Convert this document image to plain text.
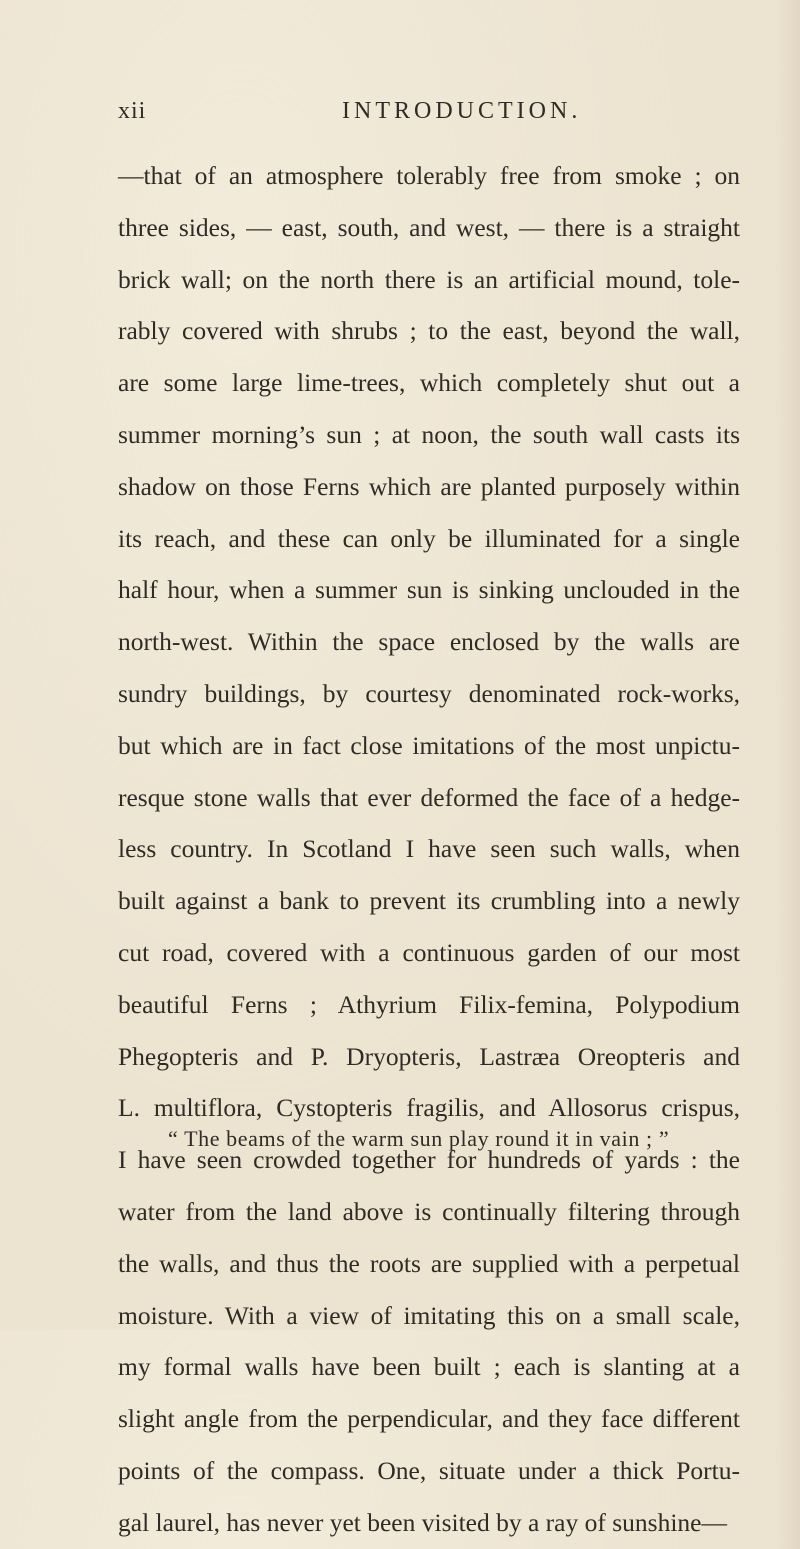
xii	INTRODUCTION.
—that of an atmosphere tolerably free from smoke ; on
three sides, — east, south, and west, — there is a straight
brick wall; on the north there is an artificial mound, tole-
rably covered with shrubs ; to the east, beyond the wall,
are some large lime-trees, which completely shut out a
summer morning’s sun ; at noon, the south wall casts its
shadow on those Ferns which are planted purposely within
its reach, and these can only be illuminated for a single
half hour, when a summer sun is sinking unclouded in the
north-west. Within the space enclosed by the walls are
sundry buildings, by courtesy denominated rock-works,
but which are in fact close imitations of the most unpictu-
resque stone walls that ever deformed the face of a hedge-
less country. In Scotland I have seen such walls, when
built against a bank to prevent its crumbling into a newly
cut road, covered with a continuous garden of our most
beautiful Ferns ; Athyrium Filix-femina, Polypodium
Phegopteris and P. Dryopteris, Lastræa Oreopteris and
L. multiflora, Cystopteris fragilis, and Allosorus crispus,
I have seen crowded together for hundreds of yards : the
water from the land above is continually filtering through
the walls, and thus the roots are supplied with a perpetual
moisture. With a view of imitating this on a small scale,
my formal walls have been built ; each is slanting at a
slight angle from the perpendicular, and they face different
points of the compass. One, situate under a thick Portu-
gal laurel, has never yet been visited by a ray of sunshine—
“ The beams of the warm sun play round it in vain ; ”
